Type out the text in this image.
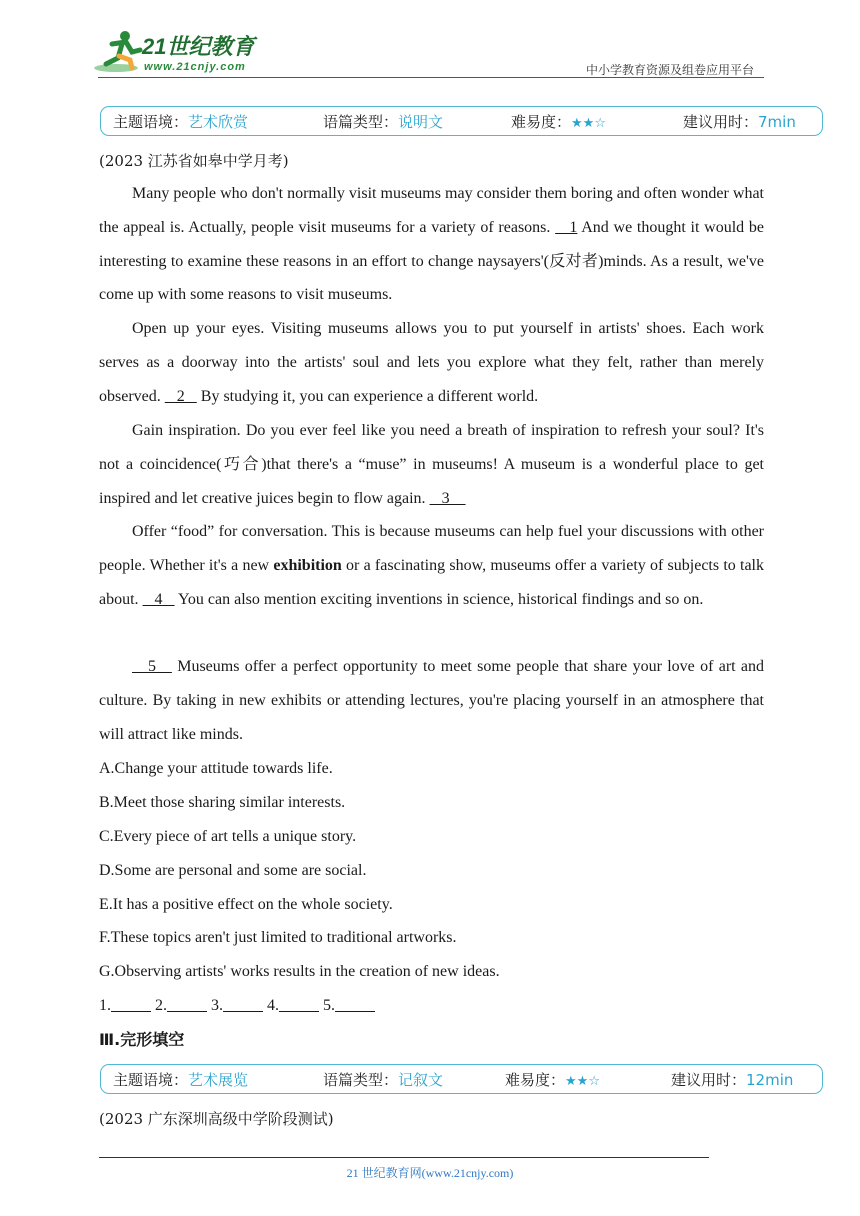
21世纪教育
www.21cnjy.com	中小学教育资源及组卷应用平台
主题语境：艺术欣赏	语篇类型：说明文	难易度：★★☆	建议用时：7min
(2023 江苏省如皋中学月考)

Many people who don't normally visit museums may consider them boring and often wonder what the appeal is. Actually, people visit museums for a variety of reasons.    1 And we thought it would be interesting to examine these reasons in an effort to change naysayers'(反对者)minds. As a result, we've come up with some reasons to visit museums.

Open up your eyes. Visiting museums allows you to put yourself in artists' shoes. Each work serves as a doorway into the artists' soul and lets you explore what they felt, rather than merely observed.    2    By studying it, you can experience a different world.

Gain inspiration. Do you ever feel like you need a breath of inspiration to refresh your soul? It's not a coincidence(巧合)that there's a “muse” in museums! A museum is a wonderful place to get inspired and let creative juices begin to flow again.    3

Offer “food” for conversation. This is because museums can help fuel your discussions with other people. Whether it's a new exhibition or a fascinating show, museums offer a variety of subjects to talk about.    4    You can also mention exciting inventions in science, historical findings and so on.

5    Museums offer a perfect opportunity to meet some people that share your love of art and culture. By taking in new exhibits or attending lectures, you're placing yourself in an atmosphere that will attract like minds.

A.Change your attitude towards life.
B.Meet those sharing similar interests.
C.Every piece of art tells a unique story.
D.Some are personal and some are social.
E.It has a positive effect on the whole society.
F.These topics aren't just limited to traditional artworks.
G.Observing artists' works results in the creation of new ideas.
1.	2.	3.	4.	5.
Ⅲ.完形填空
主题语境：艺术展览	语篇类型：记叙文	难易度：★★☆	建议用时：12min
(2023 广东深圳高级中学阶段测试)
21 世纪教育网(www.21cnjy.com)
